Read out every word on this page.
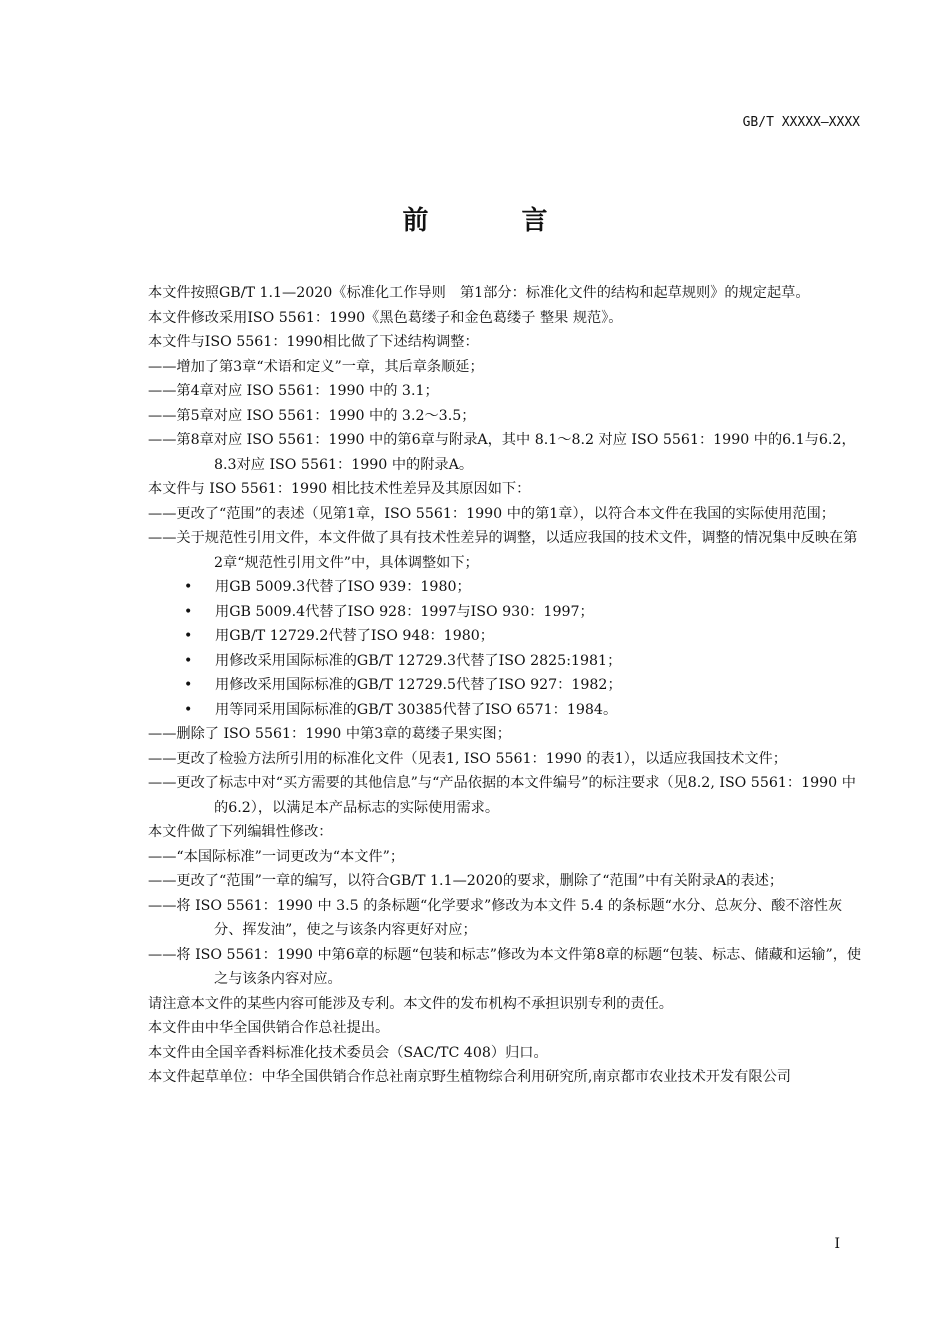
GB/T XXXXX—XXXX
前 言
本文件按照GB/T 1.1—2020《标准化工作导则　第1部分：标准化文件的结构和起草规则》的规定起草。
本文件修改采用ISO 5561：1990《黑色葛缕子和金色葛缕子 整果 规范》。
本文件与ISO 5561：1990相比做了下述结构调整：
——增加了第3章“术语和定义”一章，其后章条顺延；
——第4章对应 ISO 5561：1990 中的 3.1；
——第5章对应 ISO 5561：1990 中的 3.2～3.5；
——第8章对应 ISO 5561：1990 中的第6章与附录A，其中 8.1～8.2 对应 ISO 5561：1990 中的6.1与6.2，8.3对应 ISO 5561：1990 中的附录A。
本文件与 ISO 5561：1990 相比技术性差异及其原因如下：
——更改了“范围”的表述（见第1章，ISO 5561：1990 中的第1章），以符合本文件在我国的实际使用范围；
——关于规范性引用文件，本文件做了具有技术性差异的调整，以适应我国的技术文件，调整的情况集中反映在第2章“规范性引用文件”中，具体调整如下；
• 用GB 5009.3代替了ISO 939：1980；
• 用GB 5009.4代替了ISO 928：1997与ISO 930：1997；
• 用GB/T 12729.2代替了ISO 948：1980；
• 用修改采用国际标准的GB/T 12729.3代替了ISO 2825:1981；
• 用修改采用国际标准的GB/T 12729.5代替了ISO 927：1982；
• 用等同采用国际标准的GB/T 30385代替了ISO 6571：1984。
——删除了 ISO 5561：1990 中第3章的葛缕子果实图；
——更改了检验方法所引用的标准化文件（见表1, ISO 5561：1990 的表1），以适应我国技术文件；
——更改了标志中对“买方需要的其他信息”与“产品依据的本文件编号”的标注要求（见8.2, ISO 5561：1990 中的6.2），以满足本产品标志的实际使用需求。
本文件做了下列编辑性修改：
——“本国际标准”一词更改为“本文件”；
——更改了“范围”一章的编写，以符合GB/T 1.1—2020的要求，删除了“范围”中有关附录A的表述；
——将 ISO 5561：1990 中 3.5 的条标题“化学要求”修改为本文件 5.4 的条标题“水分、总灰分、酸不溶性灰分、挥发油”，使之与该条内容更好对应；
——将 ISO 5561：1990 中第6章的标题“包装和标志”修改为本文件第8章的标题“包装、标志、储藏和运输”，使之与该条内容对应。
请注意本文件的某些内容可能涉及专利。本文件的发布机构不承担识别专利的责任。
本文件由中华全国供销合作总社提出。
本文件由全国辛香料标准化技术委员会（SAC/TC 408）归口。
本文件起草单位：中华全国供销合作总社南京野生植物综合利用研究所,南京都市农业技术开发有限公司
I
